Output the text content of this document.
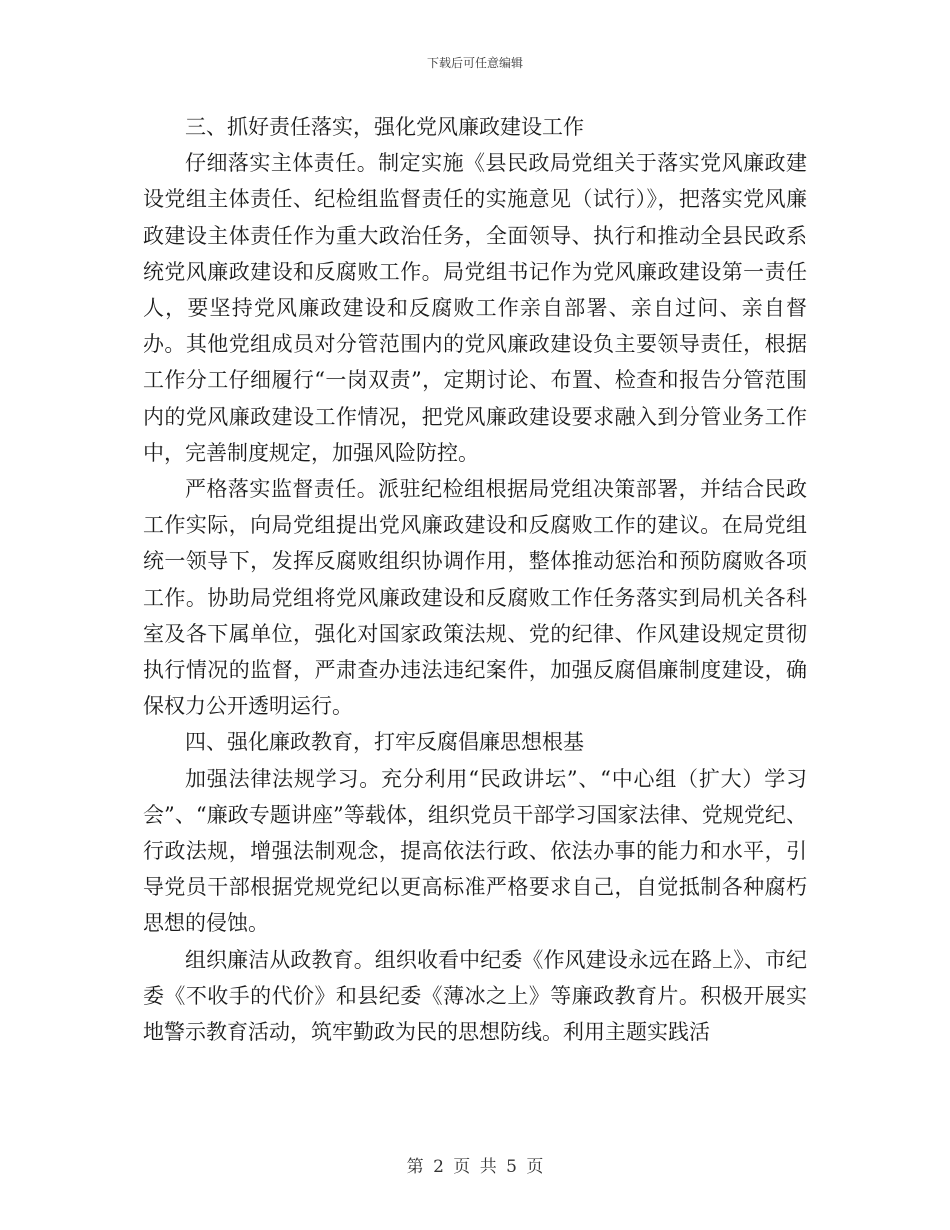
下载后可任意编辑

三、抓好责任落实，强化党风廉政建设工作

仔细落实主体责任。制定实施《县民政局党组关于落实党风廉政建设党组主体责任、纪检组监督责任的实施意见（试行）》，把落实党风廉政建设主体责任作为重大政治任务，全面领导、执行和推动全县民政系统党风廉政建设和反腐败工作。局党组书记作为党风廉政建设第一责任人，要坚持党风廉政建设和反腐败工作亲自部署、亲自过问、亲自督办。其他党组成员对分管范围内的党风廉政建设负主要领导责任，根据工作分工仔细履行“一岗双责”，定期讨论、布置、检查和报告分管范围内的党风廉政建设工作情况，把党风廉政建设要求融入到分管业务工作中，完善制度规定，加强风险防控。

严格落实监督责任。派驻纪检组根据局党组决策部署，并结合民政工作实际，向局党组提出党风廉政建设和反腐败工作的建议。在局党组统一领导下，发挥反腐败组织协调作用，整体推动惩治和预防腐败各项工作。协助局党组将党风廉政建设和反腐败工作任务落实到局机关各科室及各下属单位，强化对国家政策法规、党的纪律、作风建设规定贯彻执行情况的监督，严肃查办违法违纪案件，加强反腐倡廉制度建设，确保权力公开透明运行。

四、强化廉政教育，打牢反腐倡廉思想根基

加强法律法规学习。充分利用“民政讲坛”、“中心组（扩大）学习会”、“廉政专题讲座”等载体，组织党员干部学习国家法律、党规党纪、行政法规，增强法制观念，提高依法行政、依法办事的能力和水平，引导党员干部根据党规党纪以更高标准严格要求自己，自觉抵制各种腐朽思想的侵蚀。

组织廉洁从政教育。组织收看中纪委《作风建设永远在路上》、市纪委《不收手的代价》和县纪委《薄冰之上》等廉政教育片。积极开展实地警示教育活动，筑牢勤政为民的思想防线。利用主题实践活

第 2 页 共 5 页
